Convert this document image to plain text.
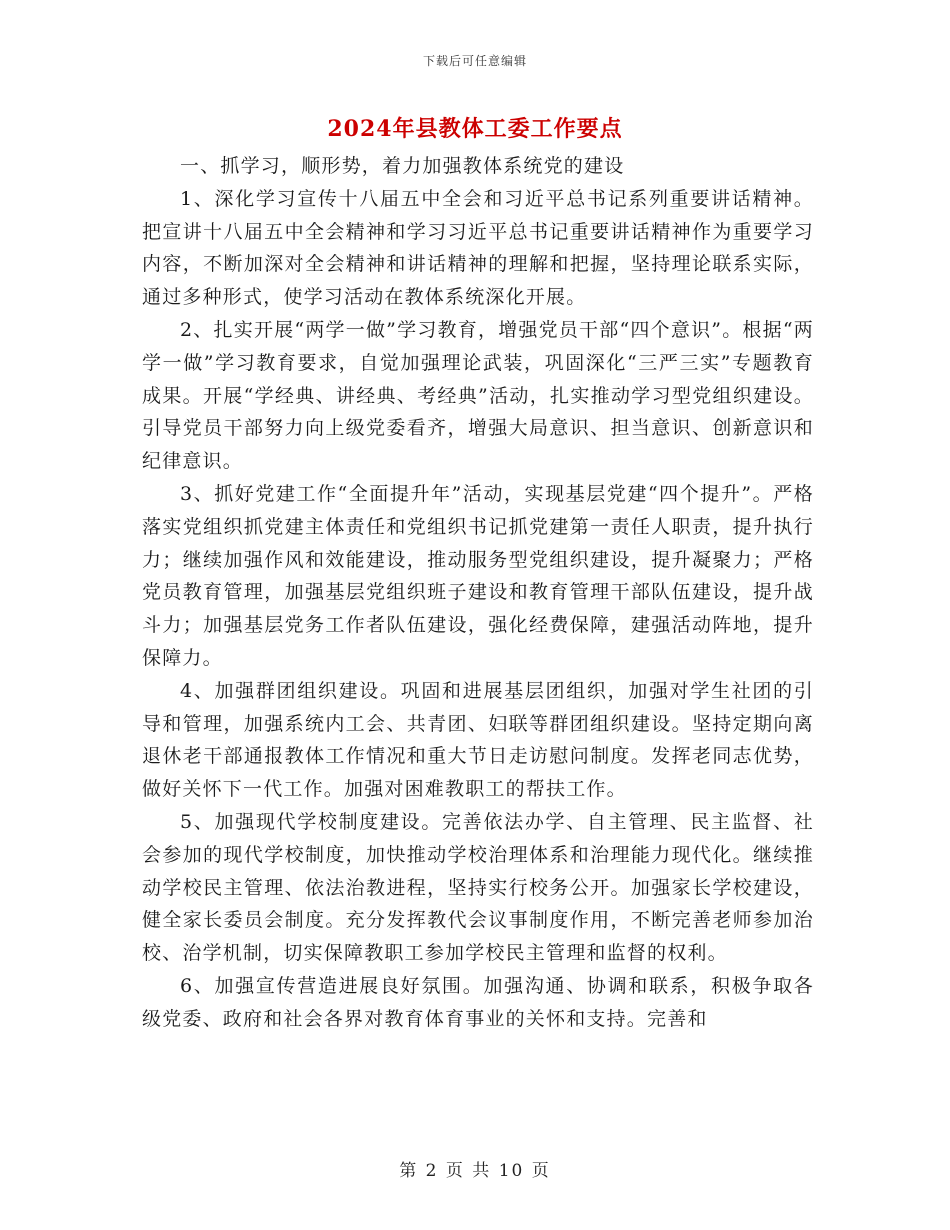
下载后可任意编辑
2024年县教体工委工作要点

一、抓学习，顺形势，着力加强教体系统党的建设

1、深化学习宣传十八届五中全会和习近平总书记系列重要讲话精神。把宣讲十八届五中全会精神和学习习近平总书记重要讲话精神作为重要学习内容，不断加深对全会精神和讲话精神的理解和把握，坚持理论联系实际，通过多种形式，使学习活动在教体系统深化开展。

2、扎实开展“两学一做”学习教育，增强党员干部“四个意识”。根据“两学一做”学习教育要求，自觉加强理论武装，巩固深化“三严三实”专题教育成果。开展“学经典、讲经典、考经典”活动，扎实推动学习型党组织建设。引导党员干部努力向上级党委看齐，增强大局意识、担当意识、创新意识和纪律意识。

3、抓好党建工作“全面提升年”活动，实现基层党建“四个提升”。严格落实党组织抓党建主体责任和党组织书记抓党建第一责任人职责，提升执行力；继续加强作风和效能建设，推动服务型党组织建设，提升凝聚力；严格党员教育管理，加强基层党组织班子建设和教育管理干部队伍建设，提升战斗力；加强基层党务工作者队伍建设，强化经费保障，建强活动阵地，提升保障力。

4、加强群团组织建设。巩固和进展基层团组织，加强对学生社团的引导和管理，加强系统内工会、共青团、妇联等群团组织建设。坚持定期向离退休老干部通报教体工作情况和重大节日走访慰问制度。发挥老同志优势，做好关怀下一代工作。加强对困难教职工的帮扶工作。

5、加强现代学校制度建设。完善依法办学、自主管理、民主监督、社会参加的现代学校制度，加快推动学校治理体系和治理能力现代化。继续推动学校民主管理、依法治教进程，坚持实行校务公开。加强家长学校建设，健全家长委员会制度。充分发挥教代会议事制度作用，不断完善老师参加治校、治学机制，切实保障教职工参加学校民主管理和监督的权利。

6、加强宣传营造进展良好氛围。加强沟通、协调和联系，积极争取各级党委、政府和社会各界对教育体育事业的关怀和支持。完善和

第 2 页 共 10 页
